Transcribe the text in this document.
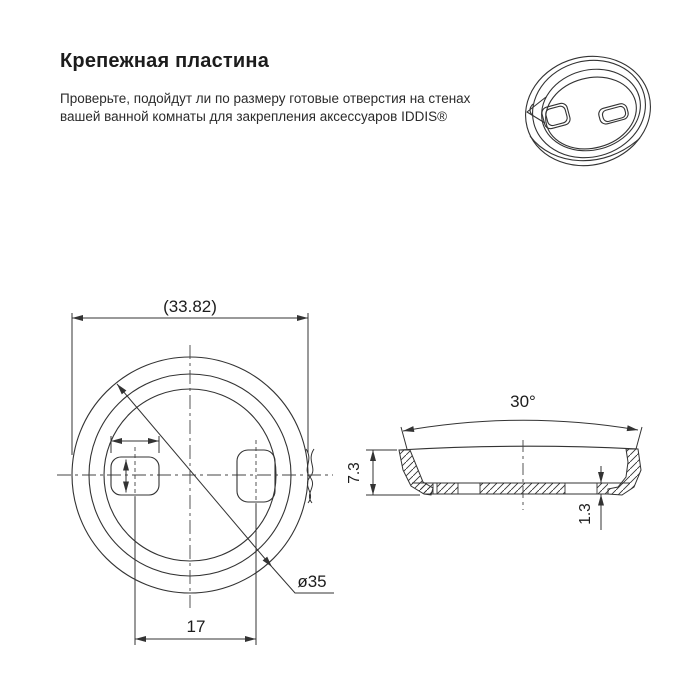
Крепежная пластина
Проверьте, подойдут ли по размеру готовые отверстия на стенах
вашей ванной комнаты для закрепления аксессуаров IDDIS®
(33.82)
ø35
17
30°
7.3
1.3
